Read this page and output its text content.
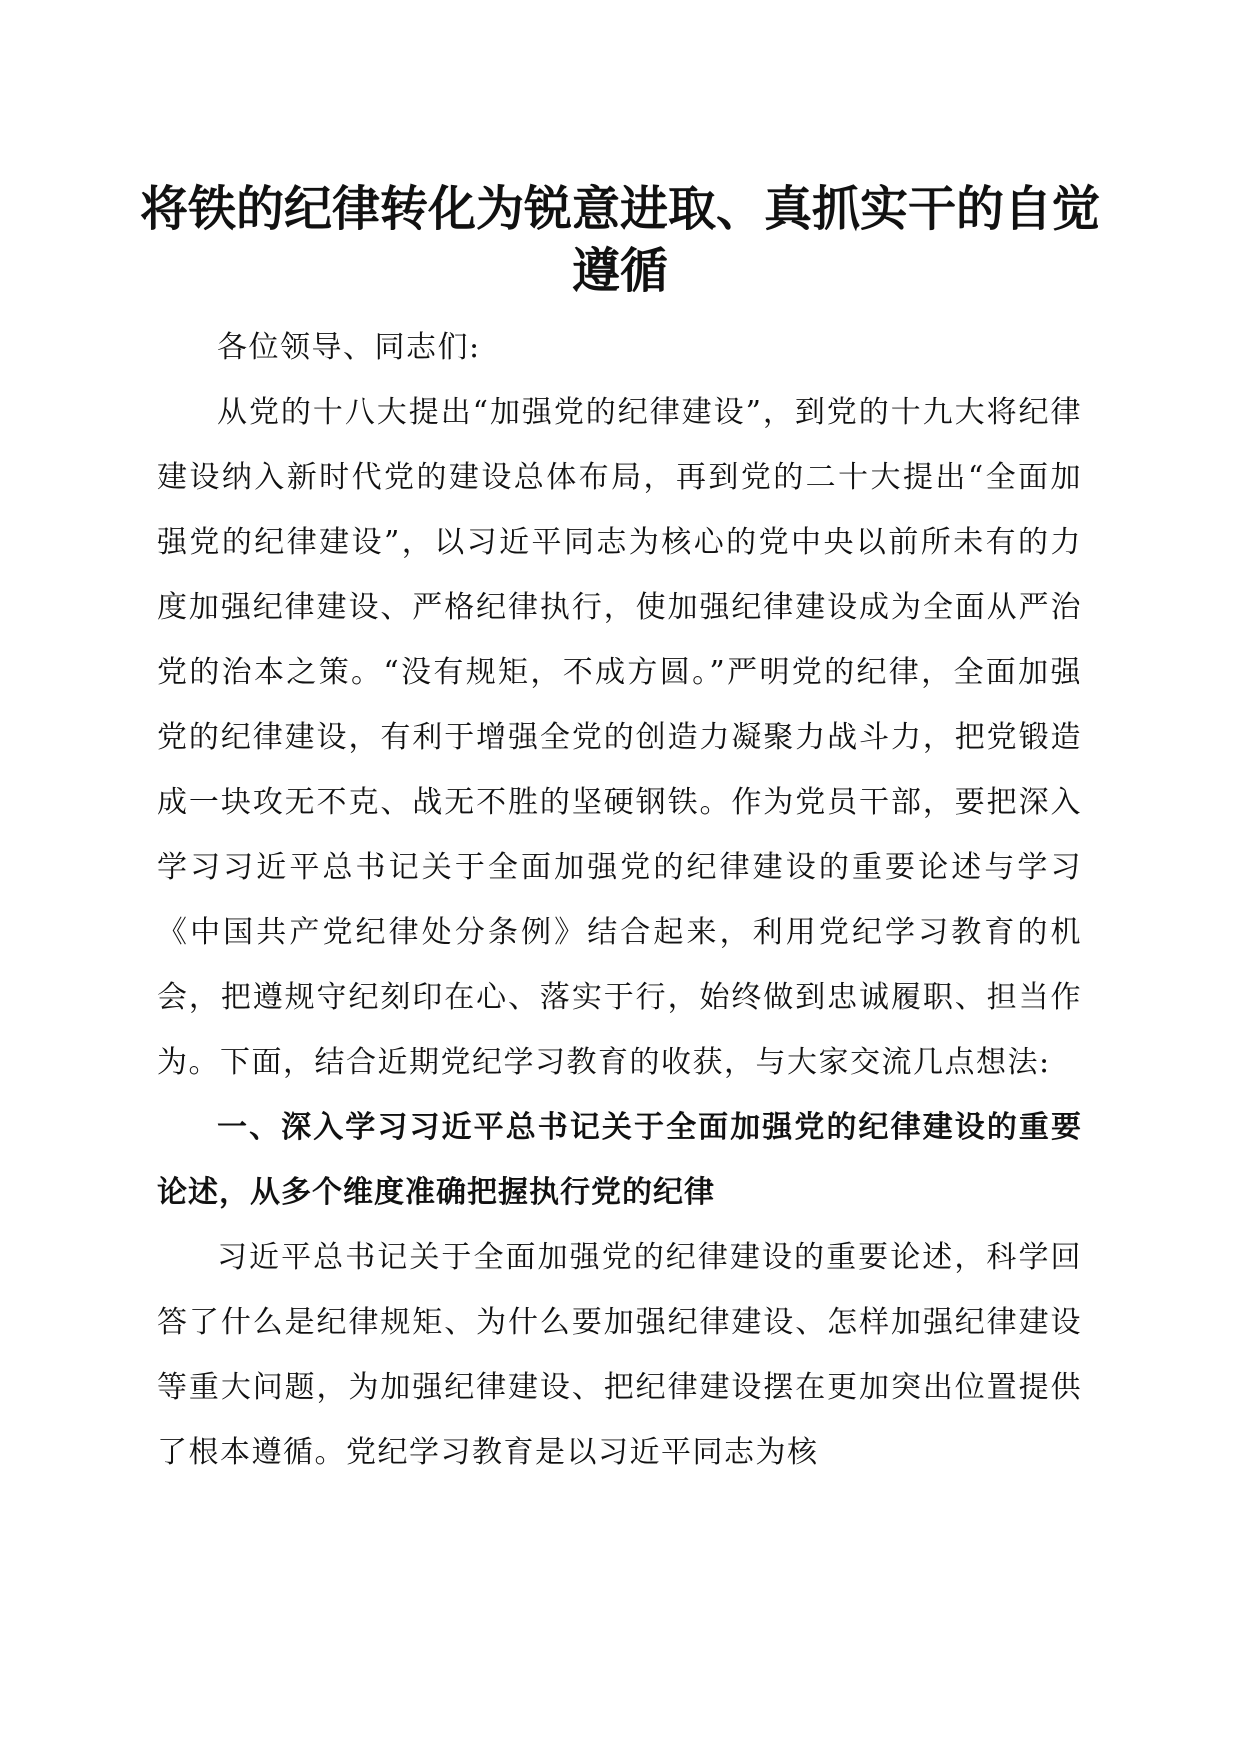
将铁的纪律转化为锐意进取、真抓实干的自觉遵循

各位领导、同志们:

从党的十八大提出“加强党的纪律建设”，到党的十九大将纪律建设纳入新时代党的建设总体布局，再到党的二十大提出“全面加强党的纪律建设”，以习近平同志为核心的党中央以前所未有的力度加强纪律建设、严格纪律执行，使加强纪律建设成为全面从严治党的治本之策。“没有规矩，不成方圆。”严明党的纪律，全面加强党的纪律建设，有利于增强全党的创造力凝聚力战斗力，把党锻造成一块攻无不克、战无不胜的坚硬钢铁。作为党员干部，要把深入学习习近平总书记关于全面加强党的纪律建设的重要论述与学习《中国共产党纪律处分条例》结合起来，利用党纪学习教育的机会，把遵规守纪刻印在心、落实于行，始终做到忠诚履职、担当作为。下面，结合近期党纪学习教育的收获，与大家交流几点想法:

一、深入学习习近平总书记关于全面加强党的纪律建设的重要论述，从多个维度准确把握执行党的纪律

习近平总书记关于全面加强党的纪律建设的重要论述，科学回答了什么是纪律规矩、为什么要加强纪律建设、怎样加强纪律建设等重大问题，为加强纪律建设、把纪律建设摆在更加突出位置提供了根本遵循。党纪学习教育是以习近平同志为核
